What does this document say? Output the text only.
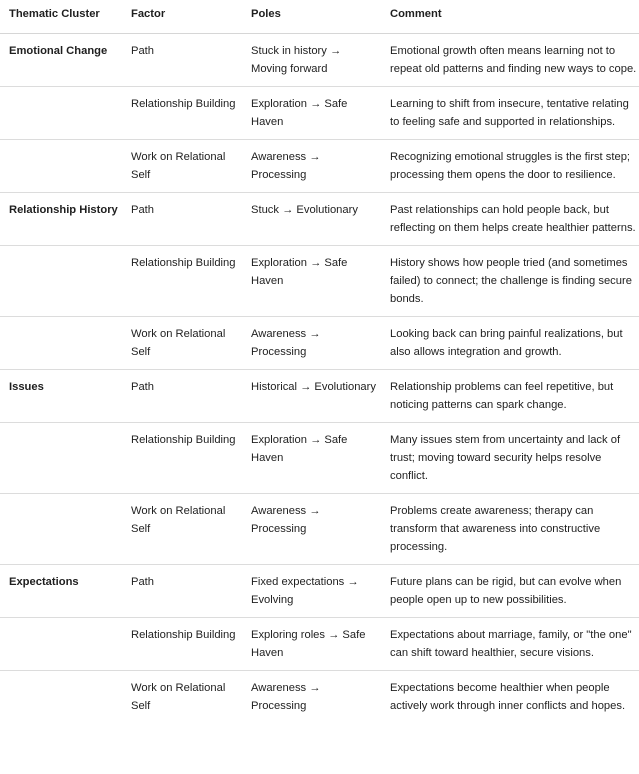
Thematic Cluster	Factor	Poles	Comment
Emotional Change	Path	Stuck in history → Moving forward	Emotional growth often means learning not to repeat old patterns and finding new ways to cope.
	Relationship Building	Exploration → Safe Haven	Learning to shift from insecure, tentative relating to feeling safe and supported in relationships.
	Work on Relational Self	Awareness → Processing	Recognizing emotional struggles is the first step; processing them opens the door to resilience.
Relationship History	Path	Stuck → Evolutionary	Past relationships can hold people back, but reflecting on them helps create healthier patterns.
	Relationship Building	Exploration → Safe Haven	History shows how people tried (and sometimes failed) to connect; the challenge is finding secure bonds.
	Work on Relational Self	Awareness → Processing	Looking back can bring painful realizations, but also allows integration and growth.
Issues	Path	Historical → Evolutionary	Relationship problems can feel repetitive, but noticing patterns can spark change.
	Relationship Building	Exploration → Safe Haven	Many issues stem from uncertainty and lack of trust; moving toward security helps resolve conflict.
	Work on Relational Self	Awareness → Processing	Problems create awareness; therapy can transform that awareness into constructive processing.
Expectations	Path	Fixed expectations → Evolving	Future plans can be rigid, but can evolve when people open up to new possibilities.
	Relationship Building	Exploring roles → Safe Haven	Expectations about marriage, family, or "the one" can shift toward healthier, secure visions.
	Work on Relational Self	Awareness → Processing	Expectations become healthier when people actively work through inner conflicts and hopes.
